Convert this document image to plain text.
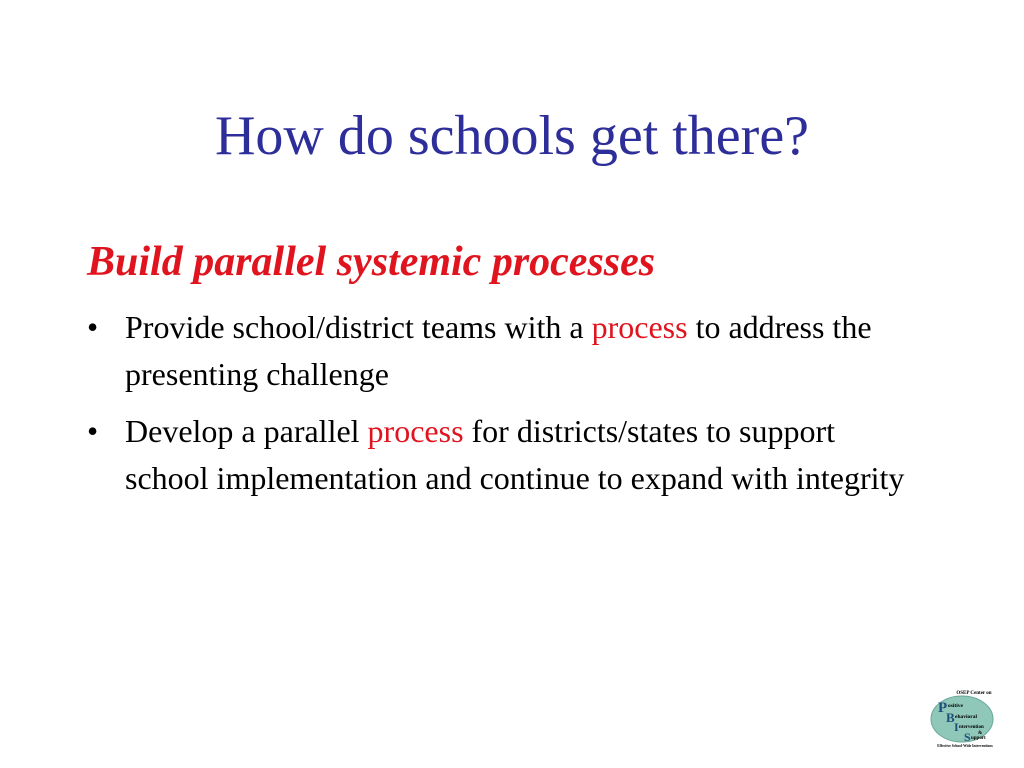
How do schools get there?
Build parallel systemic processes
• Provide school/district teams with a process to address the presenting challenge
• Develop a parallel process for districts/states to support school implementation and continue to expand with integrity
OSEP Center on
P ositive
B ehavioral
I ntervention
&
S upport
Effective School-Wide Interventions
